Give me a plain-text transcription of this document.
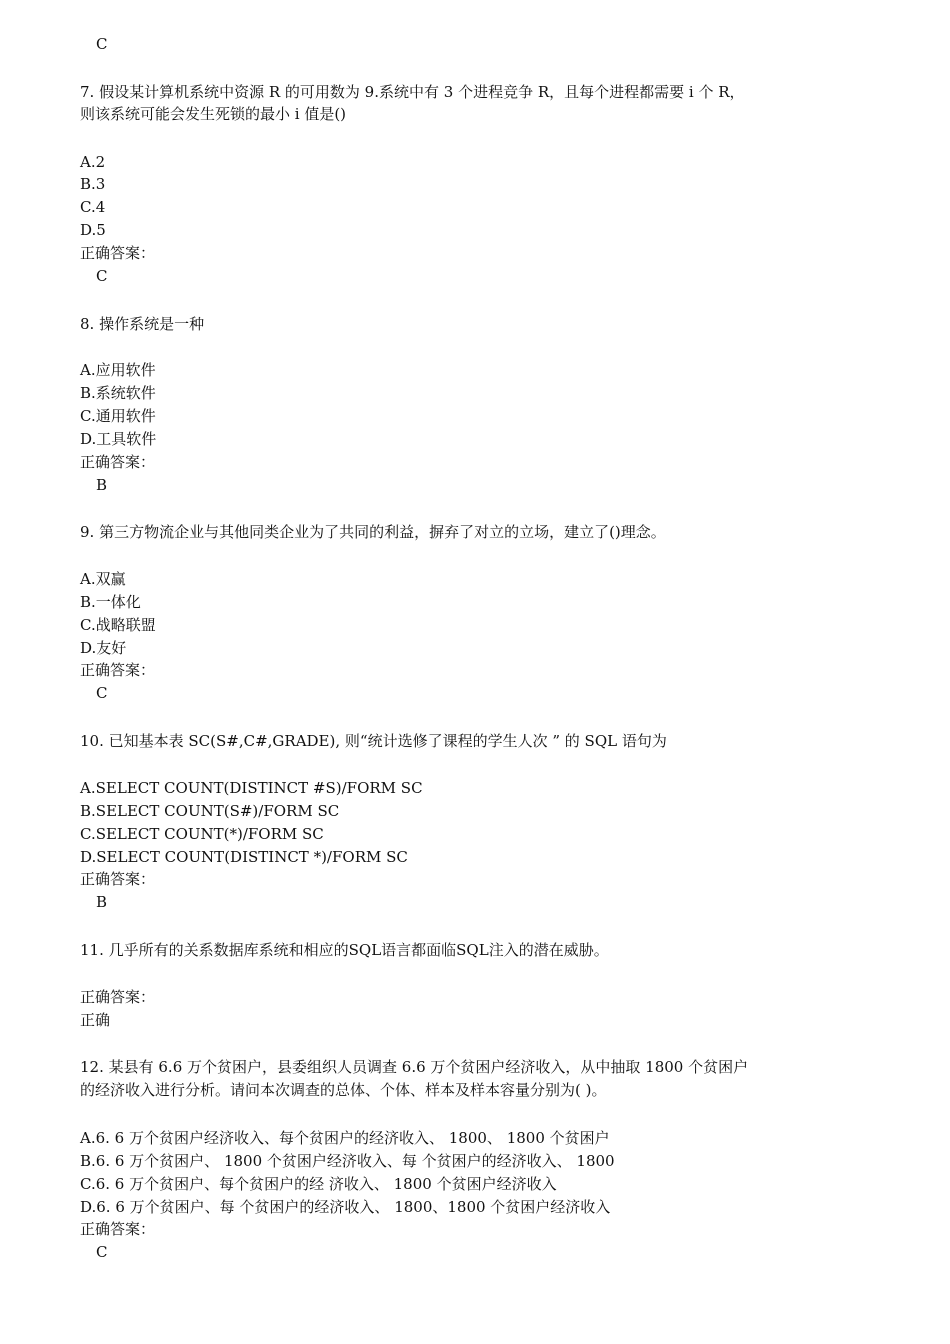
C
7. 假设某计算机系统中资源 R 的可用数为 9.系统中有 3 个进程竞争 R，且每个进程都需要 i 个 R，
则该系统可能会发生死锁的最小 i 值是()
A.2
B.3
C.4
D.5
正确答案：
C
8. 操作系统是一种
A.应用软件
B.系统软件
C.通用软件
D.工具软件
正确答案：
B
9. 第三方物流企业与其他同类企业为了共同的利益，摒弃了对立的立场，建立了()理念。
A.双赢
B.一体化
C.战略联盟
D.友好
正确答案：
C
10. 已知基本表 SC(S#,C#,GRADE), 则“统计选修了课程的学生人次 ” 的 SQL 语句为
A.SELECT COUNT(DISTINCT #S)/FORM SC
B.SELECT COUNT(S#)/FORM SC
C.SELECT COUNT(*)/FORM SC
D.SELECT COUNT(DISTINCT *)/FORM SC
正确答案：
B
11. 几乎所有的关系数据库系统和相应的SQL语言都面临SQL注入的潜在威胁。
正确答案：
正确
12. 某县有 6.6 万个贫困户，县委组织人员调查 6.6 万个贫困户经济收入，从中抽取 1800 个贫困户
的经济收入进行分析。请问本次调查的总体、个体、样本及样本容量分别为( )。
A.6. 6 万个贫困户经济收入、每个贫困户的经济收入、 1800、 1800 个贫困户
B.6. 6 万个贫困户、 1800 个贫困户经济收入、每 个贫困户的经济收入、 1800
C.6. 6 万个贫困户、每个贫困户的经 济收入、 1800 个贫困户经济收入
D.6. 6 万个贫困户、每 个贫困户的经济收入、 1800、1800 个贫困户经济收入
正确答案：
C
